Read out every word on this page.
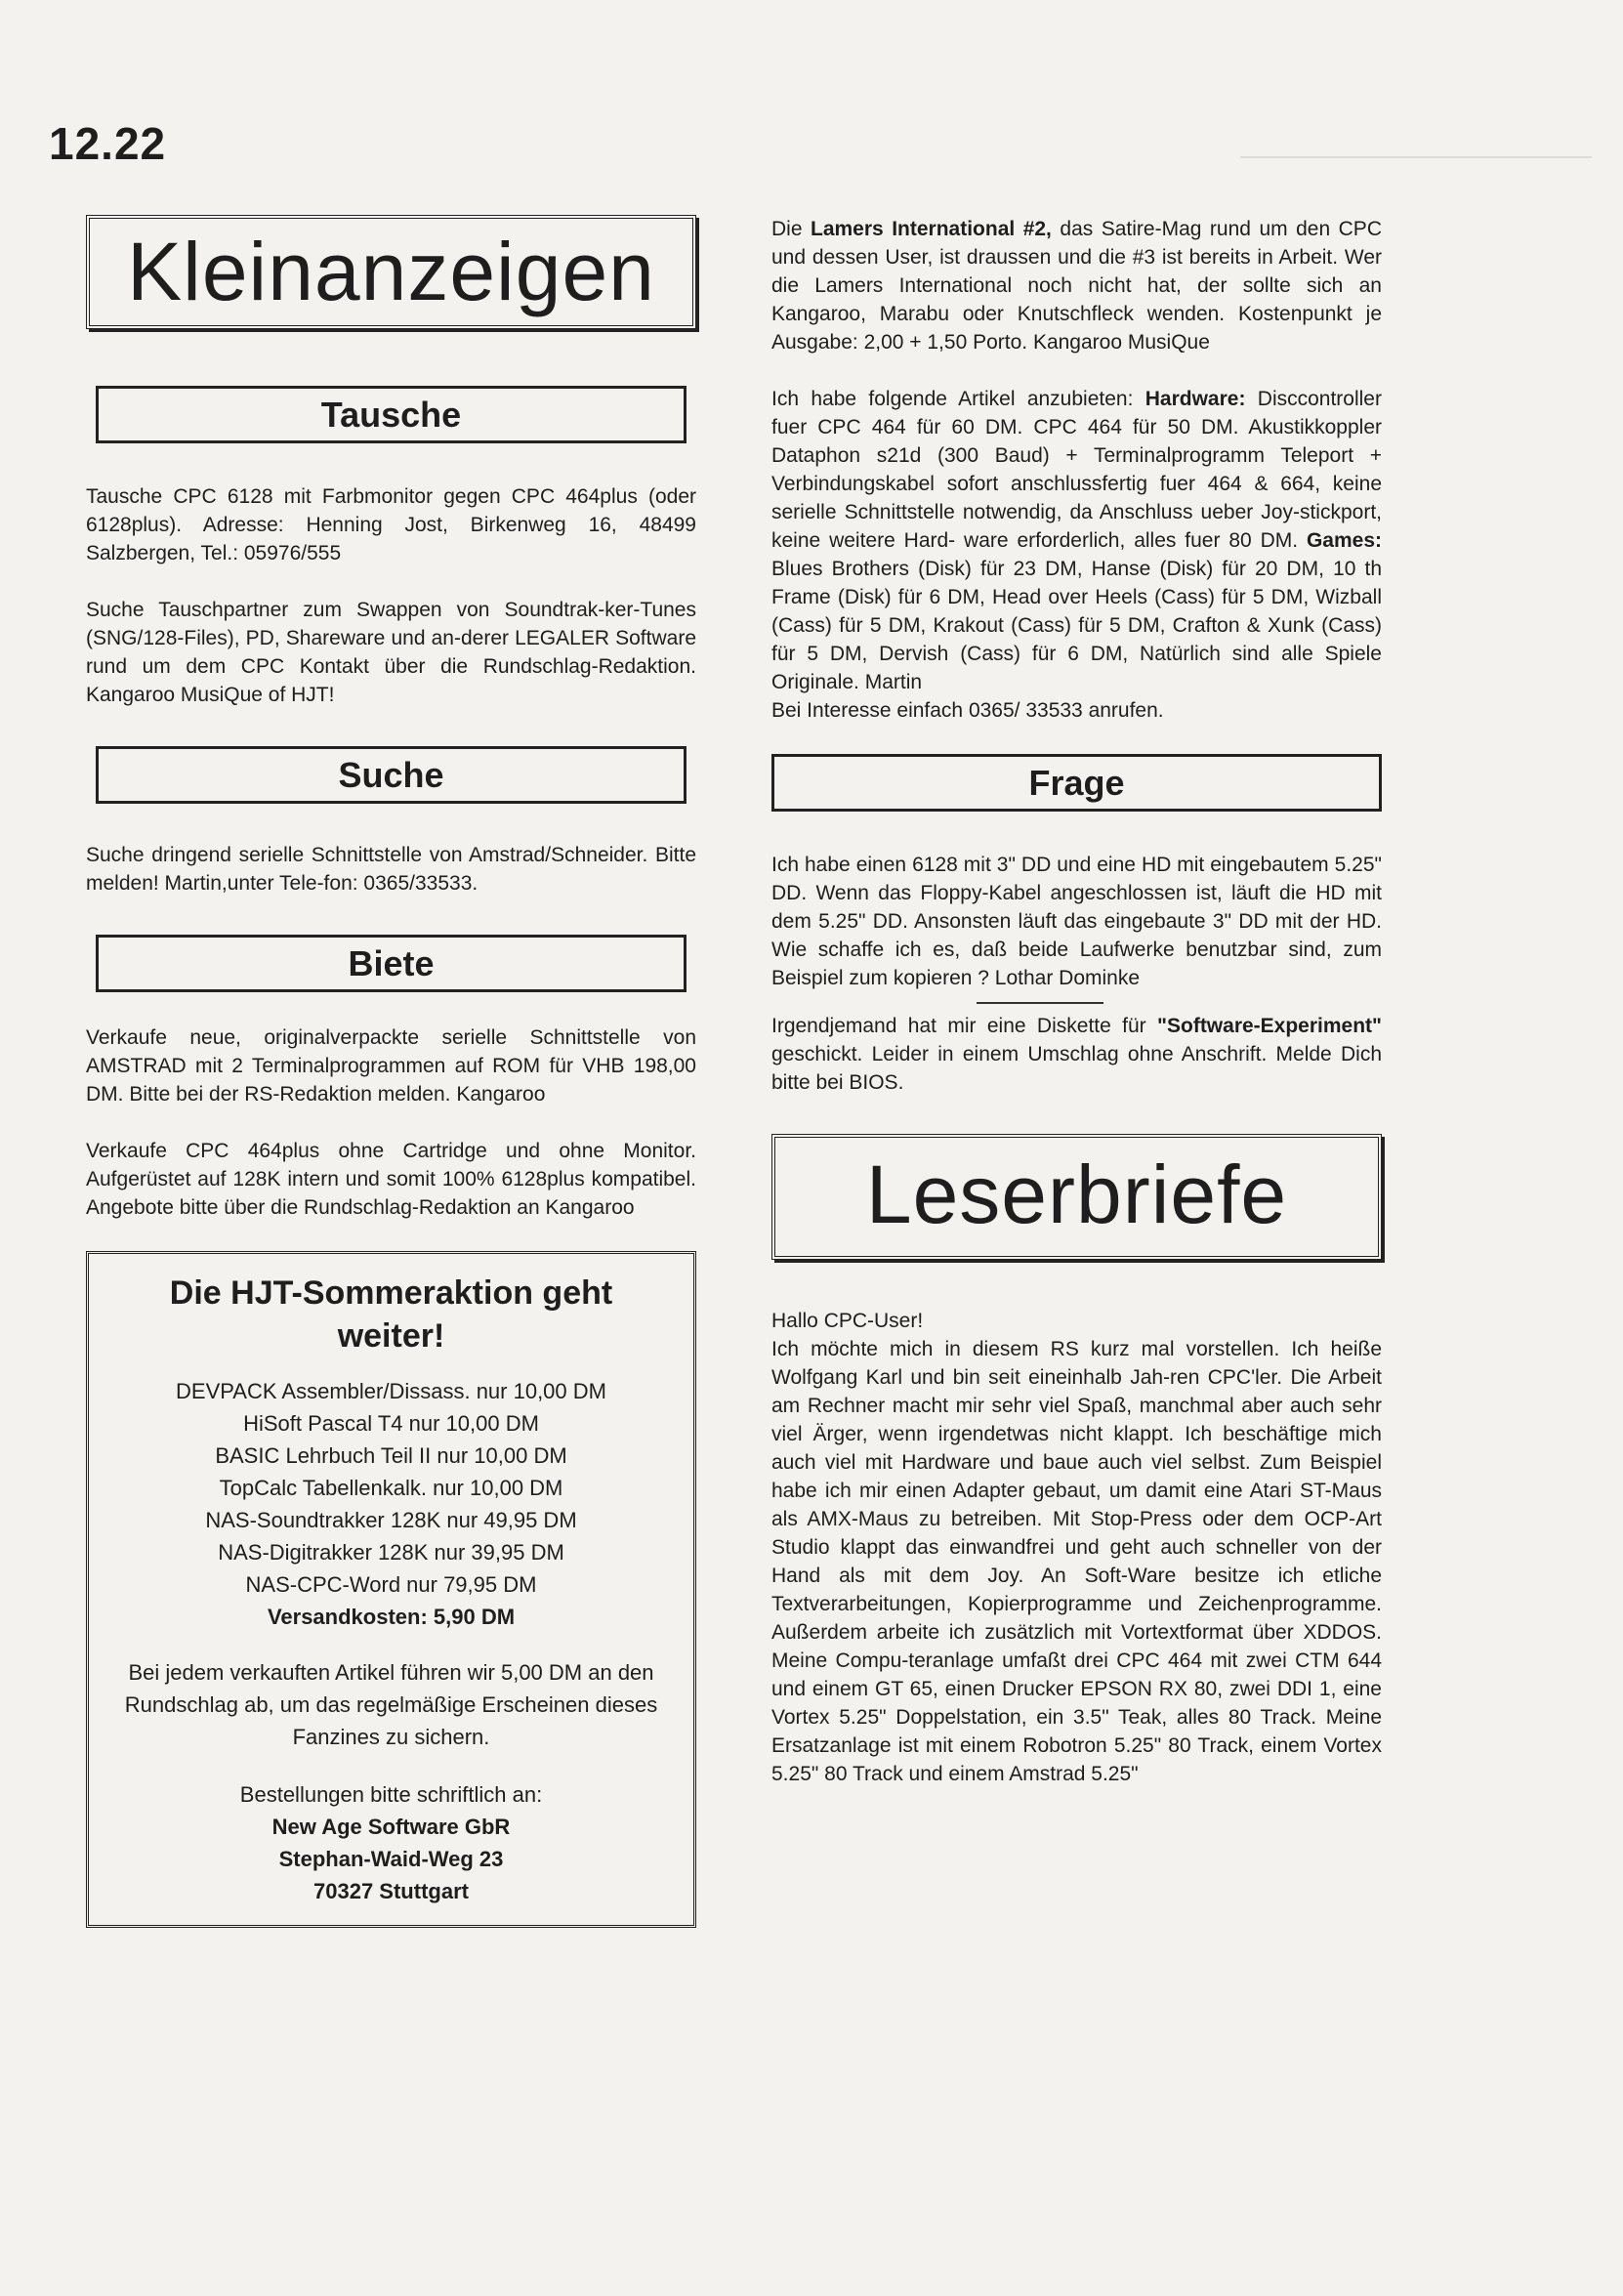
12.22
Kleinanzeigen
Tausche

Tausche CPC 6128 mit Farbmonitor gegen CPC 464plus (oder 6128plus). Adresse: Henning Jost, Birkenweg 16, 48499 Salzbergen, Tel.: 05976/555

Suche Tauschpartner zum Swappen von Soundtrak-ker-Tunes (SNG/128-Files), PD, Shareware und an-derer LEGALER Software rund um dem CPC Kontakt über die Rundschlag-Redaktion. Kangaroo MusiQue of HJT!

Suche

Suche dringend serielle Schnittstelle von Amstrad/Schneider. Bitte melden! Martin,unter Tele-fon: 0365/33533.

Biete

Verkaufe neue, originalverpackte serielle Schnittstelle von AMSTRAD mit 2 Terminalprogrammen auf ROM für VHB 198,00 DM. Bitte bei der RS-Redaktion melden. Kangaroo

Verkaufe CPC 464plus ohne Cartridge und ohne Monitor. Aufgerüstet auf 128K intern und somit 100% 6128plus kompatibel. Angebote bitte über die Rundschlag-Redaktion an Kangaroo

Die HJT-Sommeraktion geht
weiter!
DEVPACK Assembler/Dissass. nur 10,00 DM
HiSoft Pascal T4 nur 10,00 DM
BASIC Lehrbuch Teil II nur 10,00 DM
TopCalc Tabellenkalk. nur 10,00 DM
NAS-Soundtrakker 128K nur 49,95 DM
NAS-Digitrakker 128K nur 39,95 DM
NAS-CPC-Word nur 79,95 DM
Versandkosten: 5,90 DM
Bei jedem verkauften Artikel führen wir 5,00 DM an den Rundschlag ab, um das regelmäßige Erscheinen dieses Fanzines zu sichern.
Bestellungen bitte schriftlich an:
New Age Software GbR
Stephan-Waid-Weg 23
70327 Stuttgart

Die Lamers International #2, das Satire-Mag rund um den CPC und dessen User, ist draussen und die #3 ist bereits in Arbeit. Wer die Lamers International noch nicht hat, der sollte sich an Kangaroo, Marabu oder Knutschfleck wenden. Kostenpunkt je Ausgabe: 2,00 + 1,50 Porto. Kangaroo MusiQue

Ich habe folgende Artikel anzubieten: Hardware: Disccontroller fuer CPC 464 für 60 DM. CPC 464 für 50 DM. Akustikkoppler Dataphon s21d (300 Baud) + Terminalprogramm Teleport + Verbindungskabel sofort anschlussfertig fuer 464 & 664, keine serielle Schnittstelle notwendig, da Anschluss ueber Joy-stickport, keine weitere Hard- ware erforderlich, alles fuer 80 DM. Games: Blues Brothers (Disk) für 23 DM, Hanse (Disk) für 20 DM, 10 th Frame (Disk) für 6 DM, Head over Heels (Cass) für 5 DM, Wizball (Cass) für 5 DM, Krakout (Cass) für 5 DM, Crafton & Xunk (Cass) für 5 DM, Dervish (Cass) für 6 DM, Natürlich sind alle Spiele Originale. Martin

Bei Interesse einfach 0365/ 33533 anrufen.

Frage

Ich habe einen 6128 mit 3" DD und eine HD mit eingebautem 5.25" DD. Wenn das Floppy-Kabel angeschlossen ist, läuft die HD mit dem 5.25" DD. Ansonsten läuft das eingebaute 3" DD mit der HD. Wie schaffe ich es, daß beide Laufwerke benutzbar sind, zum Beispiel zum kopieren ? Lothar Dominke

Irgendjemand hat mir eine Diskette für "Software-Experiment" geschickt. Leider in einem Umschlag ohne Anschrift. Melde Dich bitte bei BIOS.

Leserbriefe

Hallo CPC-User!

Ich möchte mich in diesem RS kurz mal vorstellen. Ich heiße Wolfgang Karl und bin seit eineinhalb Jah-ren CPC'ler. Die Arbeit am Rechner macht mir sehr viel Spaß, manchmal aber auch sehr viel Ärger, wenn irgendetwas nicht klappt. Ich beschäftige mich auch viel mit Hardware und baue auch viel selbst. Zum Beispiel habe ich mir einen Adapter gebaut, um damit eine Atari ST-Maus als AMX-Maus zu betreiben. Mit Stop-Press oder dem OCP-Art Studio klappt das einwandfrei und geht auch schneller von der Hand als mit dem Joy. An Soft-Ware besitze ich etliche Textverarbeitungen, Kopierprogramme und Zeichenprogramme. Außerdem arbeite ich zusätzlich mit Vortextformat über XDDOS. Meine Compu-teranlage umfaßt drei CPC 464 mit zwei CTM 644 und einem GT 65, einen Drucker EPSON RX 80, zwei DDI 1, eine Vortex 5.25" Doppelstation, ein 3.5" Teak, alles 80 Track. Meine Ersatzanlage ist mit einem Robotron 5.25" 80 Track, einem Vortex 5.25" 80 Track und einem Amstrad 5.25"
